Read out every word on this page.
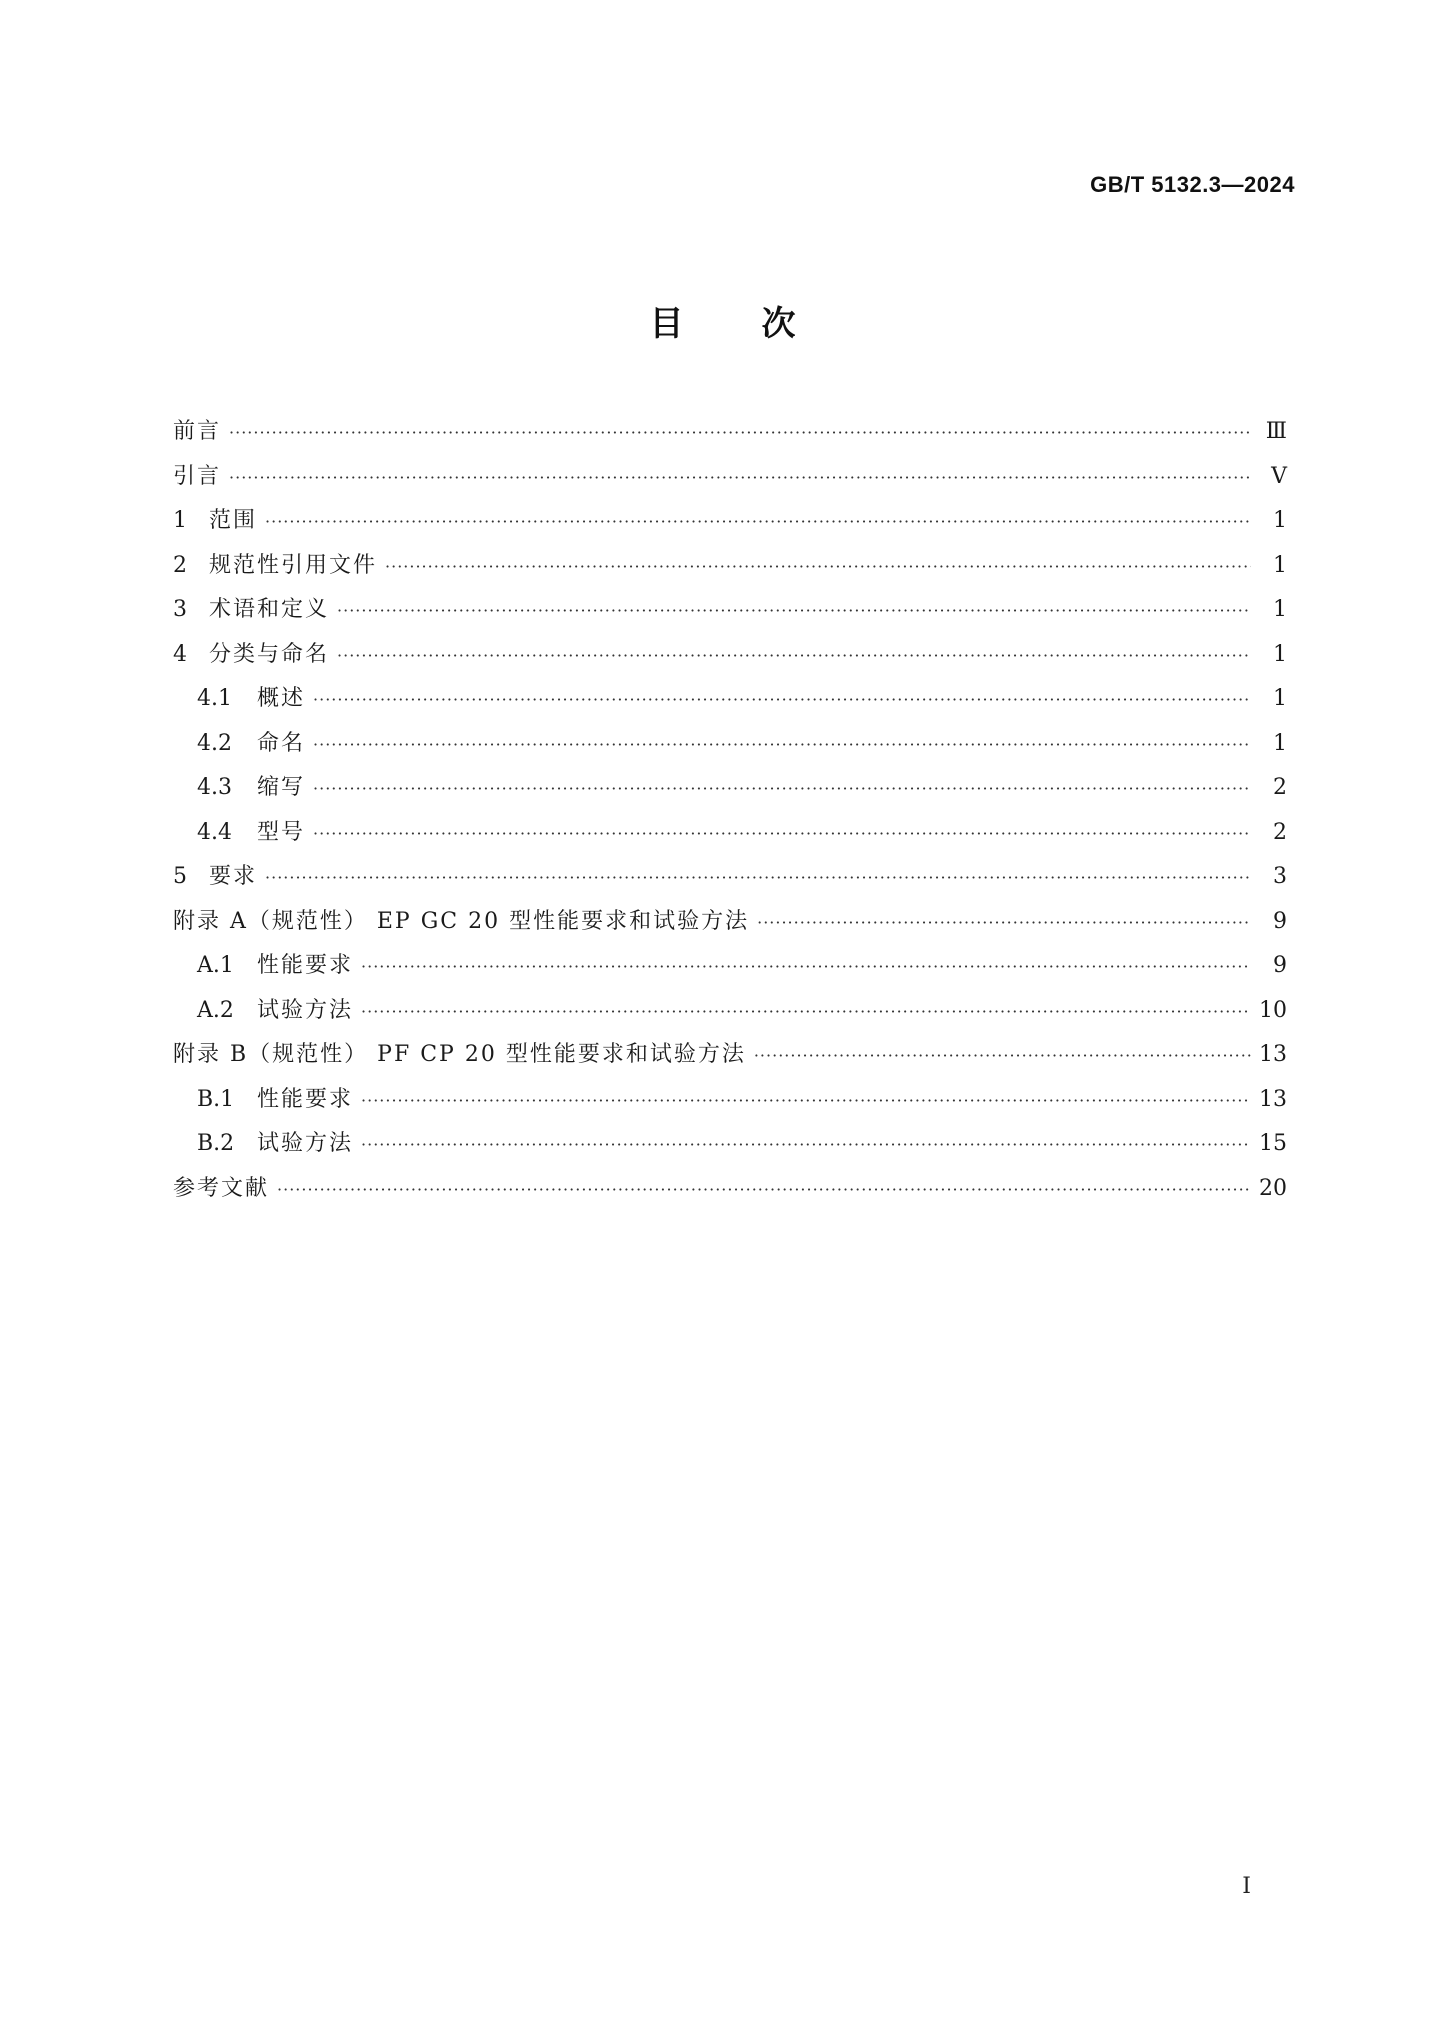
GB/T 5132.3—2024
目次
前言 ·····	Ⅲ
引言 ·····	Ⅴ
1	范围 ·····	1
2	规范性引用文件 ·····	1
3	术语和定义 ·····	1
4	分类与命名 ·····	1
4.1	概述 ·····	1
4.2	命名 ·····	1
4.3	缩写 ·····	2
4.4	型号 ·····	2
5	要求 ·····	3
附录 A（规范性） EP GC 20 型性能要求和试验方法 ·····	9
A.1	性能要求 ·····	9
A.2	试验方法 ·····	10
附录 B（规范性） PF CP 20 型性能要求和试验方法 ·····	13
B.1	性能要求 ·····	13
B.2	试验方法 ·····	15
参考文献 ·····	20
Ⅰ
